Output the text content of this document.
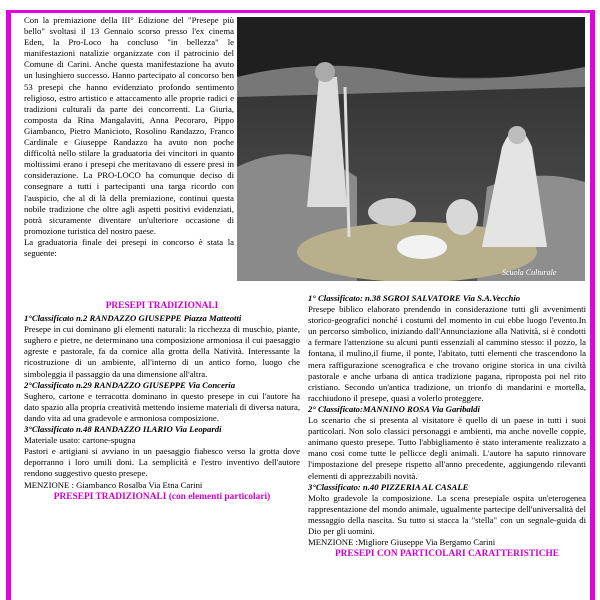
Con la premiazione della III° Edizione del "Presepe più bello" svoltasi il 13 Gennaio scorso presso l'ex cinema Eden, la Pro-Loco ha concluso "in bellezza" le manifestazioni natalizie organizzate con il patrocinio del Comune di Carini. Anche questa manifestazione ha avuto un lusinghiero successo. Hanno partecipato al concorso ben 53 presepi che hanno evidenziato profondo sentimento religioso, estro artistico e attaccamento alle proprie radici e tradizioni culturali da parte dei concorrenti. La Giuria, composta da Rina Mangalaviti, Anna Pecoraro, Pippo Giambanco, Pietro Manicioto, Rosolino Randazzo, Franco Cardinale e Giuseppe Randazzo ha avuto non poche difficoltà nello stilare la graduatoria dei vincitori in quanto moltissimi erano i presepi che meritavano di essere presi in considerazione. La PRO-LOCO ha comunque deciso di consegnare a tutti i partecipanti una targa ricordo con l'auspicio, che al di là della premiazione, continui questa nobile tradizione che oltre agli aspetti positivi evidenziati, potrà sicuramente diventare un'ulteriore occasione di promozione turistica del nostro paese.

La graduatoria finale dei presepi in concorso è stata la seguente:

Scuola Culturale
PRESEPI TRADIZIONALI

1°Classificato n.2 RANDAZZO GIUSEPPE Piazza Matteotti

Presepe in cui dominano gli elementi naturali: la ricchezza di muschio, piante, sughero e pietre, ne determinano una composizione armoniosa il cui paesaggio agreste e pastorale, fa da cornice alla grotta della Natività. Interessante la ricostruzione di un ambiente, all'interno di un antico forno, luogo che simboleggia il passaggio da una dimensione all'altra.

2°Classificato n.29 RANDAZZO GIUSEPPE Via Conceria

Sughero, cartone e terracotta dominano in questo presepe in cui l'autore ha dato spazio alla propria creatività mettendo insieme materiali di diversa natura, dando vita ad una gradevole e armoniosa composizione.

3°Classificato n.48 RANDAZZO ILARIO Via Leopardi

Materiale usato: cartone-spugna

Pastori e artigiani si avviano in un paesaggio fiabesco verso la grotta dove deporranno i loro umili doni. La semplicità e l'estro inventivo dell'autore rendono suggestivo questo presepe.

MENZIONE : Giambanco Rosalba Via Etna Carini

PRESEPI TRADIZIONALI (con elementi particolari)

1° Classificato: n.38 SGROI SALVATORE Via S.A.Vecchio

Presepe biblico elaborato prendendo in considerazione tutti gli avvenimenti storico-geografici nonché i costumi del momento in cui ebbe luogo l'evento.In un percorso simbolico, iniziando dall'Annunciazione alla Natività, si è condotti a fermare l'attenzione su alcuni punti essenziali al cammino stesso: il pozzo, la fontana, il mulino,il fiume, il ponte, l'abitato, tutti elementi che trascendono la mera raffigurazione scenografica e che trovano origine storica in una civiltà pastorale e anche urbana di antica tradizione pagana, riproposta poi nel rito cristiano. Secondo un'antica tradizione, un trionfo di mandarini e mortella, racchiudono il presepe, quasi a volerlo proteggere.

2° Classificato:MANNINO ROSA Via Garibaldi

Lo scenario che si presenta al visitatore è quello di un paese in tutti i suoi particolari. Non solo classici personaggi e ambienti, ma anche novelle coppie, animano questo presepe. Tutto l'abbigliamento è stato interamente realizzato a mano così come tutte le pellicce degli animali. L'autore ha saputo rinnovare l'impostazione del presepe rispetto all'anno precedente, aggiungendo rilevanti elementi di apprezzabili novità.

3°Classificato: n.40 PIZZERIA AL CASALE

Molto gradevole la composizione. La scena presepiale ospita un'eterogenea rappresentazione del mondo animale, ugualmente partecipe dell'universalità del messaggio della nascita. Su tutto si stacca la "stella" con un segnale-guida di Dio per gli uomini.

MENZIONE :Migliore Giuseppe Via Bergamo Carini

PRESEPI CON PARTICOLARI CARATTERISTICHE
